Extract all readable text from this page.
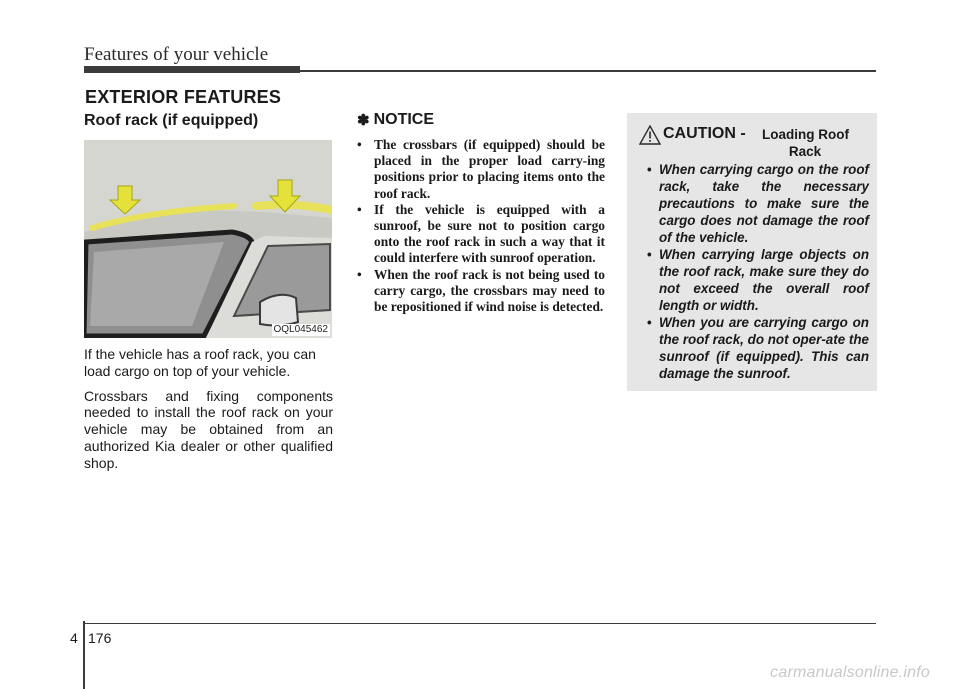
Features of your vehicle
EXTERIOR FEATURES
Roof rack (if equipped)
OQL045462

If the vehicle has a roof rack, you can load cargo on top of your vehicle.

Crossbars and fixing components needed to install the roof rack on your vehicle may be obtained from an authorized Kia dealer or other qualified shop.

✽ NOTICE
• The crossbars (if equipped) should be placed in the proper load carry-ing positions prior to placing items onto the roof rack.
• If the vehicle is equipped with a sunroof, be sure not to position cargo onto the roof rack in such a way that it could interfere with sunroof operation.
• When the roof rack is not being used to carry cargo, the crossbars may need to be repositioned if wind noise is detected.
CAUTION - Loading Roof
Rack
• When carrying cargo on the roof rack, take the necessary precautions to make sure the cargo does not damage the roof of the vehicle.
• When carrying large objects on the roof rack, make sure they do not exceed the overall roof length or width.
• When you are carrying cargo on the roof rack, do not oper-ate the sunroof (if equipped). This can damage the sunroof.
4 176
carmanualsonline.info
